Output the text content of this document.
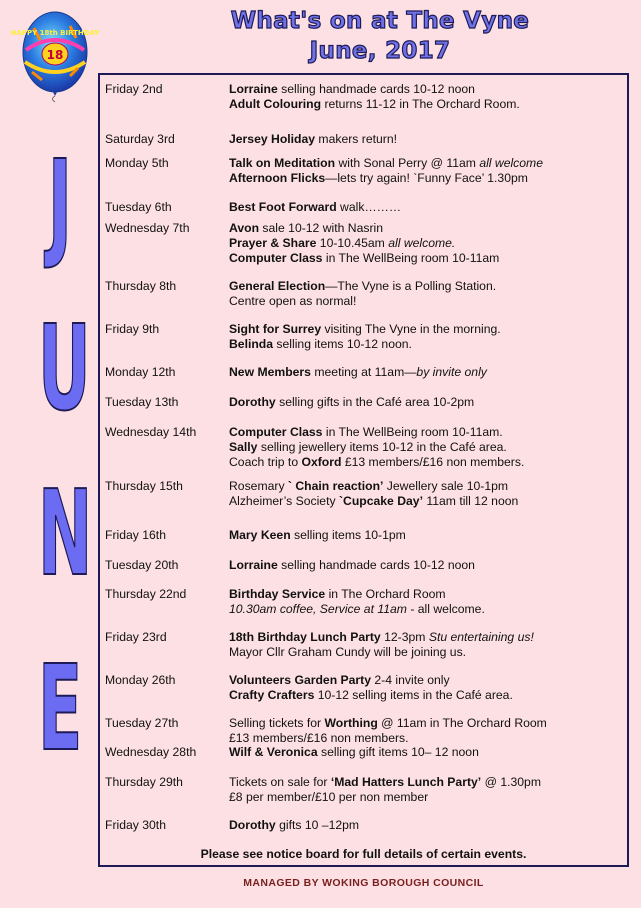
18
HAPPY 18th BIRTHDAY	What's on at The Vyne
June, 2017
J
U
N
E
Please see notice board for full details of certain events.
Friday 2nd	Lorraine selling handmade cards 10-12 noon
Adult Colouring returns 11-12 in The Orchard Room.
Saturday 3rd	Jersey Holiday makers return!
Monday 5th	Talk on Meditation with Sonal Perry @ 11am all welcome
Afternoon Flicks—lets try again! `Funny Face’ 1.30pm
Tuesday 6th	Best Foot Forward walk………
Wednesday 7th	Avon sale 10-12 with Nasrin
Prayer & Share 10-10.45am all welcome.
Computer Class in The WellBeing room 10-11am
Thursday 8th	General Election—The Vyne is a Polling Station.
Centre open as normal!
Friday 9th	Sight for Surrey visiting The Vyne in the morning.
Belinda selling items 10-12 noon.
Monday 12th	New Members meeting at 11am—by invite only
Tuesday 13th	Dorothy selling gifts in the Café area 10-2pm
Wednesday 14th	Computer Class in The WellBeing room 10-11am.
Sally selling jewellery items 10-12 in the Café area.
Coach trip to Oxford £13 members/£16 non members.
Thursday 15th	Rosemary ` Chain reaction’ Jewellery sale 10-1pm
Alzheimer’s Society `Cupcake Day’ 11am till 12 noon
Friday 16th	Mary Keen selling items 10-1pm
Tuesday 20th	Lorraine selling handmade cards 10-12 noon
Thursday 22nd	Birthday Service in The Orchard Room
10.30am coffee, Service at 11am - all welcome.
Friday 23rd	18th Birthday Lunch Party 12-3pm Stu entertaining us!
Mayor Cllr Graham Cundy will be joining us.
Monday 26th	Volunteers Garden Party 2-4 invite only
Crafty Crafters 10-12 selling items in the Café area.
Tuesday 27th	Selling tickets for Worthing @ 11am in The Orchard Room
£13 members/£16 non members.
Wednesday 28th	Wilf & Veronica selling gift items 10– 12 noon
Thursday 29th	Tickets on sale for ‘Mad Hatters Lunch Party’ @ 1.30pm
£8 per member/£10 per non member
Friday 30th	Dorothy gifts 10 –12pm
MANAGED BY WOKING BOROUGH COUNCIL
